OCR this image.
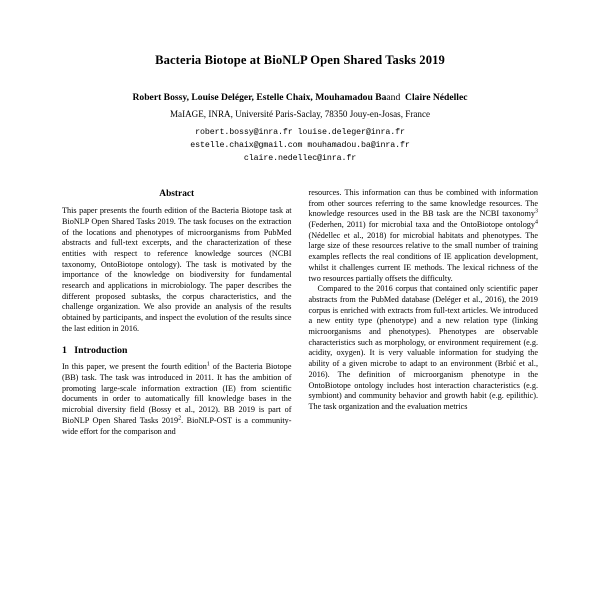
Bacteria Biotope at BioNLP Open Shared Tasks 2019
Robert Bossy, Louise Deléger, Estelle Chaix, Mouhamadou Baand Claire Nédellec
MaIAGE, INRA, Université Paris-Saclay, 78350 Jouy-en-Josas, France
robert.bossy@inra.fr louise.deleger@inra.fr
estelle.chaix@gmail.com mouhamadou.ba@inra.fr
claire.nedellec@inra.fr
Abstract

This paper presents the fourth edition of the Bacteria Biotope task at BioNLP Open Shared Tasks 2019. The task focuses on the extraction of the locations and phenotypes of microorganisms from PubMed abstracts and full-text excerpts, and the characterization of these entities with respect to reference knowledge sources (NCBI taxonomy, OntoBiotope ontology). The task is motivated by the importance of the knowledge on biodiversity for fundamental research and applications in microbiology. The paper describes the different proposed subtasks, the corpus characteristics, and the challenge organization. We also provide an analysis of the results obtained by participants, and inspect the evolution of the results since the last edition in 2016.

1 Introduction

In this paper, we present the fourth edition$^1$ of the Bacteria Biotope (BB) task. The task was introduced in 2011. It has the ambition of promoting large-scale information extraction (IE) from scientific documents in order to automatically fill knowledge bases in the microbial diversity field (Bossy et al., 2012). BB 2019 is part of BioNLP Open Shared Tasks 2019$^2$. BioNLP-OST is a community-wide effort for the comparison and

resources. This information can thus be combined with information from other sources referring to the same knowledge resources. The knowledge resources used in the BB task are the NCBI taxonomy$^3$ (Federhen, 2011) for microbial taxa and the OntoBiotope ontology$^4$ (Nédellec et al., 2018) for microbial habitats and phenotypes. The large size of these resources relative to the small number of training examples reflects the real conditions of IE application development, whilst it challenges current IE methods. The lexical richness of the two resources partially offsets the difficulty.

Compared to the 2016 corpus that contained only scientific paper abstracts from the PubMed database (Deléger et al., 2016), the 2019 corpus is enriched with extracts from full-text articles. We introduced a new entity type (phenotype) and a new relation type (linking microorganisms and phenotypes). Phenotypes are observable characteristics such as morphology, or environment requirement (e.g. acidity, oxygen). It is very valuable information for studying the ability of a given microbe to adapt to an environment (Brbić et al., 2016). The definition of microorganism phenotype in the OntoBiotope ontology includes host interaction characteristics (e.g. symbiont) and community behavior and growth habit (e.g. epilithic). The task organization and the evaluation metrics
